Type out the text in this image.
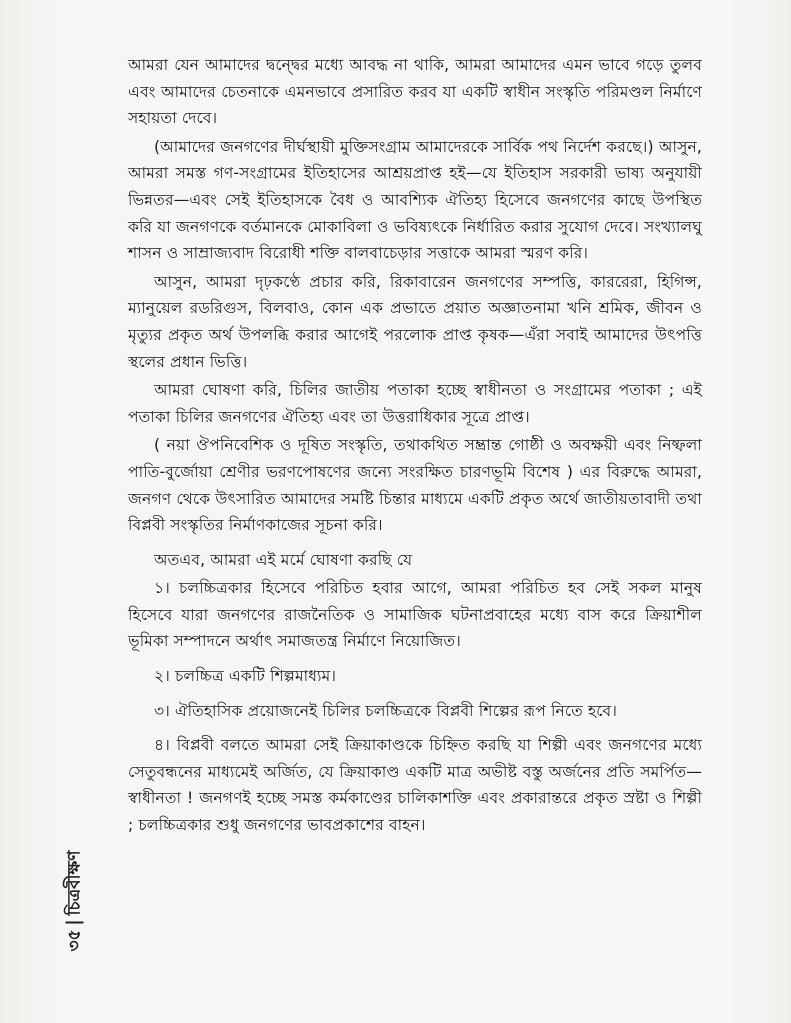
আমরা যেন আমাদের দ্বন্দ্বের মধ্যে আবদ্ধ না থাকি, আমরা আমাদের এমন ভাবে গড়ে তুলব এবং আমাদের চেতনাকে এমনভাবে প্রসারিত করব যা একটি স্বাধীন সংস্কৃতি পরিমণ্ডল নির্মাণে সহায়তা দেবে।

(আমাদের জনগণের দীর্ঘস্থায়ী মুক্তিসংগ্রাম আমাদেরকে সার্বিক পথ নির্দেশ করছে।) আসুন, আমরা সমস্ত গণ-সংগ্রামের ইতিহাসের আশ্রয়প্রাপ্ত হই—যে ইতিহাস সরকারী ভাষ্য অনুযায়ী ভিন্নতর—এবং সেই ইতিহাসকে বৈধ ও আবশ্যিক ঐতিহ্য হিসেবে জনগণের কাছে উপস্থিত করি যা জনগণকে বর্তমানকে মোকাবিলা ও ভবিষ্যৎকে নির্ধারিত করার সুযোগ দেবে। সংখ্যালঘু শাসন ও সাম্রাজ্যবাদ বিরোধী শক্তি বালবাচেড়ার সত্তাকে আমরা স্মরণ করি।

আসুন, আমরা দৃঢ়কণ্ঠে প্রচার করি, রিকাবারেন জনগণের সম্পত্তি, কাররেরা, হিগিন্স, ম্যানুয়েল রডরিগুস, বিলবাও, কোন এক প্রভাতে প্রয়াত অজ্ঞাতনামা খনি শ্রমিক, জীবন ও মৃত্যুর প্রকৃত অর্থ উপলব্ধি করার আগেই পরলোক প্রাপ্ত কৃষক—এঁরা সবাই আমাদের উৎপত্তি স্থলের প্রধান ভিত্তি।

আমরা ঘোষণা করি, চিলির জাতীয় পতাকা হচ্ছে স্বাধীনতা ও সংগ্রামের পতাকা ; এই পতাকা চিলির জনগণের ঐতিহ্য এবং তা উত্তরাধিকার সূত্রে প্রাপ্ত।

( নয়া ঔপনিবেশিক ও দূষিত সংস্কৃতি, তথাকথিত সম্ভ্রান্ত গোষ্ঠী ও অবক্ষয়ী এবং নিষ্ফলা পাতি-বুর্জোয়া শ্রেণীর ভরণপোষণের জন্যে সংরক্ষিত চারণভূমি বিশেষ ) এর বিরুদ্ধে আমরা, জনগণ থেকে উৎসারিত আমাদের সমষ্টি চিন্তার মাধ্যমে একটি প্রকৃত অর্থে জাতীয়তাবাদী তথা বিপ্লবী সংস্কৃতির নির্মাণকাজের সূচনা করি।

অতএব, আমরা এই মর্মে ঘোষণা করছি যে

১। চলচ্চিত্রকার হিসেবে পরিচিত হবার আগে, আমরা পরিচিত হব সেই সকল মানুষ হিসেবে যারা জনগণের রাজনৈতিক ও সামাজিক ঘটনাপ্রবাহের মধ্যে বাস করে ক্রিয়াশীল ভূমিকা সম্পাদনে অর্থাৎ সমাজতন্ত্র নির্মাণে নিয়োজিত।

২। চলচ্চিত্র একটি শিল্পমাধ্যম।

৩। ঐতিহাসিক প্রয়োজনেই চিলির চলচ্চিত্রকে বিপ্লবী শিল্পের রূপ নিতে হবে।

৪। বিপ্লবী বলতে আমরা সেই ক্রিয়াকাণ্ডকে চিহ্নিত করছি যা শিল্পী এবং জনগণের মধ্যে সেতুবন্ধনের মাধ্যমেই অর্জিত, যে ক্রিয়াকাণ্ড একটি মাত্র অভীষ্ট বস্তু অর্জনের প্রতি সমর্পিত—স্বাধীনতা ! জনগণই হচ্ছে সমস্ত কর্মকাণ্ডের চালিকাশক্তি এবং প্রকারান্তরে প্রকৃত স্রষ্টা ও শিল্পী ; চলচ্চিত্রকার শুধু জনগণের ভাবপ্রকাশের বাহন।

৩৫চিত্রবীক্ষণ
